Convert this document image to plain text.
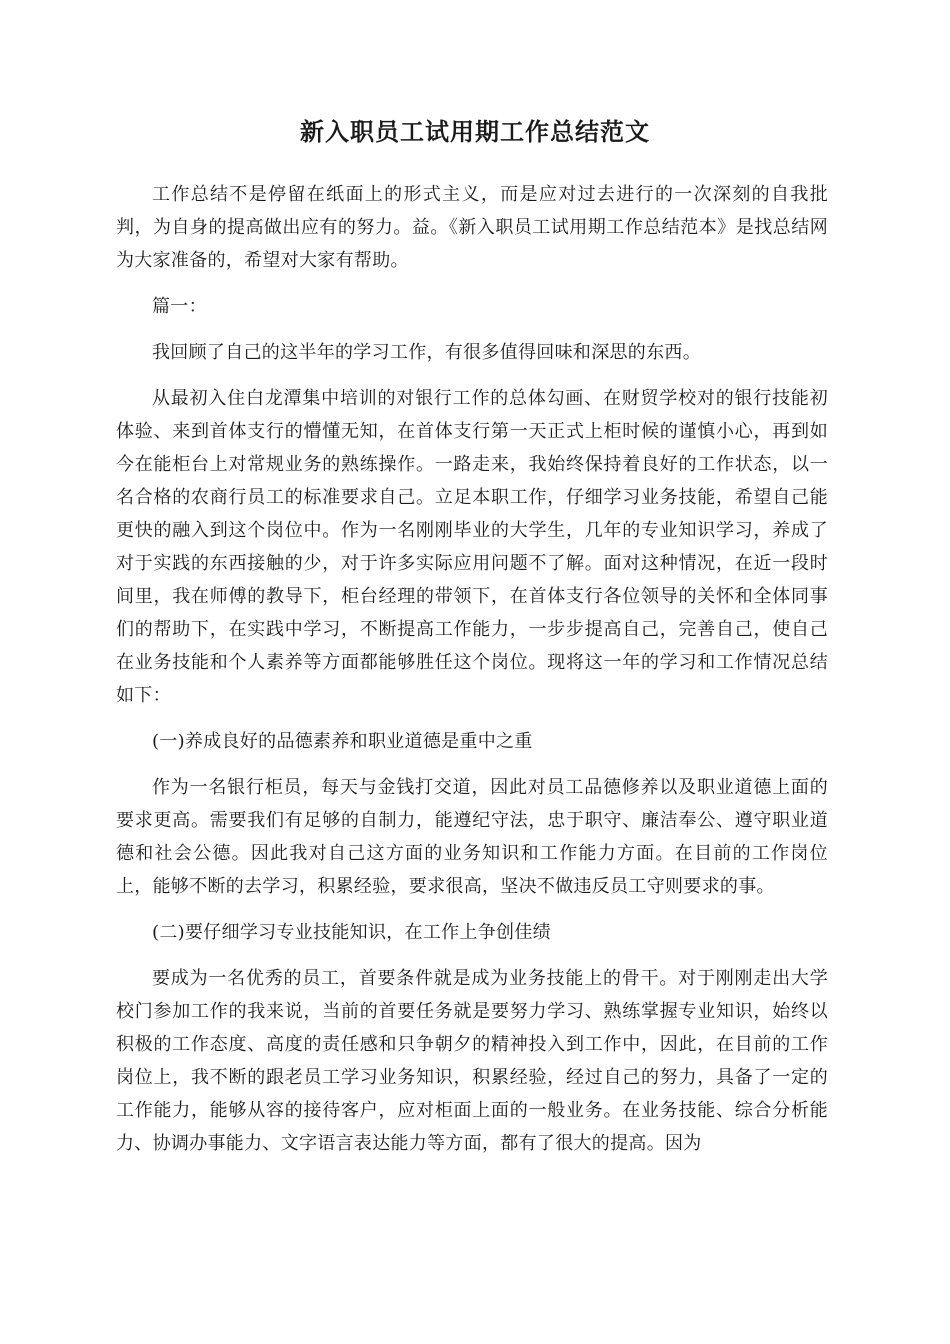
新入职员工试用期工作总结范文

工作总结不是停留在纸面上的形式主义，而是应对过去进行的一次深刻的自我批判，为自身的提高做出应有的努力。益。《新入职员工试用期工作总结范本》是找总结网为大家准备的，希望对大家有帮助。

篇一：

我回顾了自己的这半年的学习工作，有很多值得回味和深思的东西。

从最初入住白龙潭集中培训的对银行工作的总体勾画、在财贸学校对的银行技能初体验、来到首体支行的懵懂无知，在首体支行第一天正式上柜时候的谨慎小心，再到如今在能柜台上对常规业务的熟练操作。一路走来，我始终保持着良好的工作状态，以一名合格的农商行员工的标准要求自己。立足本职工作，仔细学习业务技能，希望自己能更快的融入到这个岗位中。作为一名刚刚毕业的大学生，几年的专业知识学习，养成了对于实践的东西接触的少，对于许多实际应用问题不了解。面对这种情况，在近一段时间里，我在师傅的教导下，柜台经理的带领下，在首体支行各位领导的关怀和全体同事们的帮助下，在实践中学习，不断提高工作能力，一步步提高自己，完善自己，使自己在业务技能和个人素养等方面都能够胜任这个岗位。现将这一年的学习和工作情况总结如下：

(一)养成良好的品德素养和职业道德是重中之重

作为一名银行柜员，每天与金钱打交道，因此对员工品德修养以及职业道德上面的要求更高。需要我们有足够的自制力，能遵纪守法，忠于职守、廉洁奉公、遵守职业道德和社会公德。因此我对自己这方面的业务知识和工作能力方面。在目前的工作岗位上，能够不断的去学习，积累经验，要求很高，坚决不做违反员工守则要求的事。

(二)要仔细学习专业技能知识，在工作上争创佳绩

要成为一名优秀的员工，首要条件就是成为业务技能上的骨干。对于刚刚走出大学校门参加工作的我来说，当前的首要任务就是要努力学习、熟练掌握专业知识，始终以积极的工作态度、高度的责任感和只争朝夕的精神投入到工作中，因此，在目前的工作岗位上，我不断的跟老员工学习业务知识，积累经验，经过自己的努力，具备了一定的工作能力，能够从容的接待客户，应对柜面上面的一般业务。在业务技能、综合分析能力、协调办事能力、文字语言表达能力等方面，都有了很大的提高。因为
